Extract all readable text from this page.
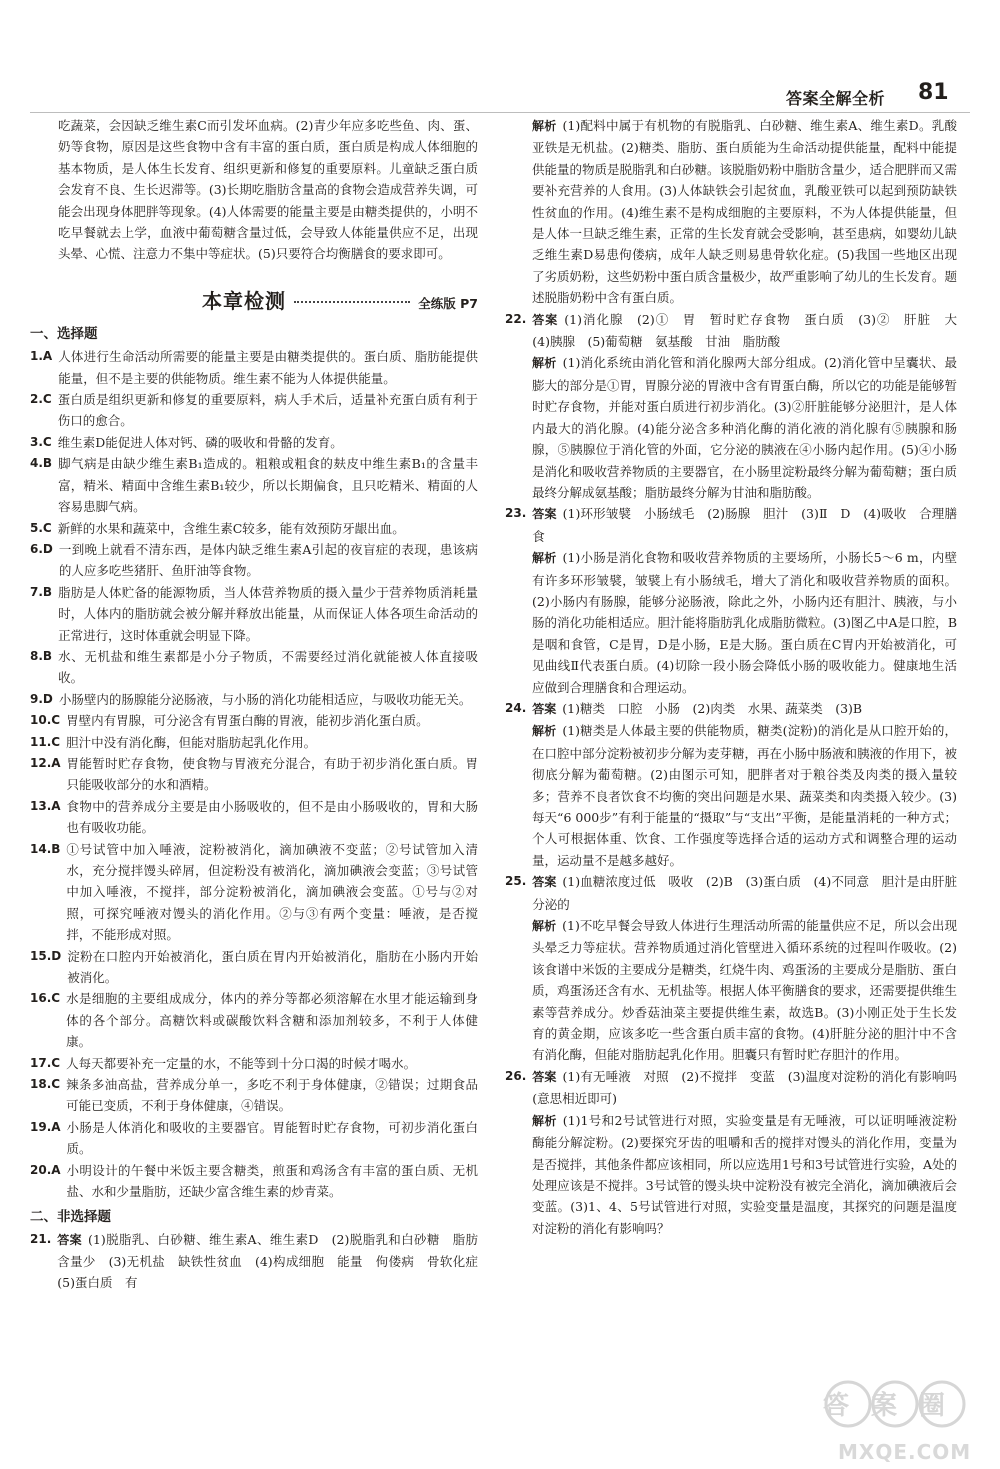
答案全解全析 81

吃蔬菜，会因缺乏维生素C而引发坏血病。(2)青少年应多吃些鱼、肉、蛋、奶等食物，原因是这些食物中含有丰富的蛋白质，蛋白质是构成人体细胞的基本物质，是人体生长发育、组织更新和修复的重要原料。儿童缺乏蛋白质会发育不良、生长迟滞等。(3)长期吃脂肪含量高的食物会造成营养失调，可能会出现身体肥胖等现象。(4)人体需要的能量主要是由糖类提供的，小明不吃早餐就去上学，血液中葡萄糖含量过低，会导致人体能量供应不足，出现头晕、心慌、注意力不集中等症状。(5)只要符合均衡膳食的要求即可。

本章检测	全练版 P7
一、选择题
1.A 人体进行生命活动所需要的能量主要是由糖类提供的。蛋白质、脂肪能提供能量，但不是主要的供能物质。维生素不能为人体提供能量。
2.C 蛋白质是组织更新和修复的重要原料，病人手术后，适量补充蛋白质有利于伤口的愈合。
3.C 维生素D能促进人体对钙、磷的吸收和骨骼的发育。
4.B 脚气病是由缺少维生素B₁造成的。粗粮或粗食的麸皮中维生素B₁的含量丰富，精米、精面中含维生素B₁较少，所以长期偏食，且只吃精米、精面的人容易患脚气病。
5.C 新鲜的水果和蔬菜中，含维生素C较多，能有效预防牙龈出血。
6.D 一到晚上就看不清东西，是体内缺乏维生素A引起的夜盲症的表现，患该病的人应多吃些猪肝、鱼肝油等食物。
7.B 脂肪是人体贮备的能源物质，当人体营养物质的摄入量少于营养物质消耗量时，人体内的脂肪就会被分解并释放出能量，从而保证人体各项生命活动的正常进行，这时体重就会明显下降。
8.B 水、无机盐和维生素都是小分子物质，不需要经过消化就能被人体直接吸收。
9.D 小肠壁内的肠腺能分泌肠液，与小肠的消化功能相适应，与吸收功能无关。
10.C 胃壁内有胃腺，可分泌含有胃蛋白酶的胃液，能初步消化蛋白质。
11.C 胆汁中没有消化酶，但能对脂肪起乳化作用。
12.A 胃能暂时贮存食物，使食物与胃液充分混合，有助于初步消化蛋白质。胃只能吸收部分的水和酒精。
13.A 食物中的营养成分主要是由小肠吸收的，但不是由小肠吸收的，胃和大肠也有吸收功能。
14.B ①号试管中加入唾液，淀粉被消化，滴加碘液不变蓝；②号试管加入清水，充分搅拌馒头碎屑，但淀粉没有被消化，滴加碘液会变蓝；③号试管中加入唾液，不搅拌，部分淀粉被消化，滴加碘液会变蓝。①号与②对照，可探究唾液对馒头的消化作用。②与③有两个变量：唾液，是否搅拌，不能形成对照。
15.D 淀粉在口腔内开始被消化，蛋白质在胃内开始被消化，脂肪在小肠内开始被消化。
16.C 水是细胞的主要组成成分，体内的养分等都必须溶解在水里才能运输到身体的各个部分。高糖饮料或碳酸饮料含糖和添加剂较多，不利于人体健康。
17.C 人每天都要补充一定量的水，不能等到十分口渴的时候才喝水。
18.C 辣条多油高盐，营养成分单一，多吃不利于身体健康，②错误；过期食品可能已变质，不利于身体健康，④错误。
19.A 小肠是人体消化和吸收的主要器官。胃能暂时贮存食物，可初步消化蛋白质。
20.A 小明设计的午餐中米饭主要含糖类，煎蛋和鸡汤含有丰富的蛋白质、无机盐、水和少量脂肪，还缺少富含维生素的炒青菜。
二、非选择题
21. 答案 (1)脱脂乳、白砂糖、维生素A、维生素D　(2)脱脂乳和白砂糖　脂肪含量少　(3)无机盐　缺铁性贫血　(4)构成细胞　能量　佝偻病　骨软化症　(5)蛋白质　有
解析 (1)配料中属于有机物的有脱脂乳、白砂糖、维生素A、维生素D。乳酸亚铁是无机盐。(2)糖类、脂肪、蛋白质能为生命活动提供能量，配料中能提供能量的物质是脱脂乳和白砂糖。该脱脂奶粉中脂肪含量少，适合肥胖而又需要补充营养的人食用。(3)人体缺铁会引起贫血，乳酸亚铁可以起到预防缺铁性贫血的作用。(4)维生素不是构成细胞的主要原料，不为人体提供能量，但是人体一旦缺乏维生素，正常的生长发育就会受影响，甚至患病，如婴幼儿缺乏维生素D易患佝偻病，成年人缺乏则易患骨软化症。(5)我国一些地区出现了劣质奶粉，这些奶粉中蛋白质含量极少，故严重影响了幼儿的生长发育。题述脱脂奶粉中含有蛋白质。
22. 答案 (1)消化腺　(2)①　胃　暂时贮存食物　蛋白质　(3)②　肝脏　大　(4)胰腺　(5)葡萄糖　氨基酸　甘油　脂肪酸
解析 (1)消化系统由消化管和消化腺两大部分组成。(2)消化管中呈囊状、最膨大的部分是①胃，胃腺分泌的胃液中含有胃蛋白酶，所以它的功能是能够暂时贮存食物，并能对蛋白质进行初步消化。(3)②肝脏能够分泌胆汁，是人体内最大的消化腺。(4)能分泌含多种消化酶的消化液的消化腺有⑤胰腺和肠腺，⑤胰腺位于消化管的外面，它分泌的胰液在④小肠内起作用。(5)④小肠是消化和吸收营养物质的主要器官，在小肠里淀粉最终分解为葡萄糖；蛋白质最终分解成氨基酸；脂肪最终分解为甘油和脂肪酸。
23. 答案 (1)环形皱襞　小肠绒毛　(2)肠腺　胆汁　(3)Ⅱ　D　(4)吸收　合理膳食
解析 (1)小肠是消化食物和吸收营养物质的主要场所，小肠长5～6 m，内壁有许多环形皱襞，皱襞上有小肠绒毛，增大了消化和吸收营养物质的面积。(2)小肠内有肠腺，能够分泌肠液，除此之外，小肠内还有胆汁、胰液，与小肠的消化功能相适应。胆汁能将脂肪乳化成脂肪微粒。(3)图乙中A是口腔，B是咽和食管，C是胃，D是小肠，E是大肠。蛋白质在C胃内开始被消化，可见曲线Ⅱ代表蛋白质。(4)切除一段小肠会降低小肠的吸收能力。健康地生活应做到合理膳食和合理运动。
24. 答案 (1)糖类　口腔　小肠　(2)肉类　水果、蔬菜类　(3)B
解析 (1)糖类是人体最主要的供能物质，糖类(淀粉)的消化是从口腔开始的，在口腔中部分淀粉被初步分解为麦芽糖，再在小肠中肠液和胰液的作用下，被彻底分解为葡萄糖。(2)由图示可知，肥胖者对于粮谷类及肉类的摄入量较多；营养不良者饮食不均衡的突出问题是水果、蔬菜类和肉类摄入较少。(3)每天“6 000步”有利于能量的“摄取”与“支出”平衡，是能量消耗的一种方式；个人可根据体重、饮食、工作强度等选择合适的运动方式和调整合理的运动量，运动量不是越多越好。
25. 答案 (1)血糖浓度过低　吸收　(2)B　(3)蛋白质　(4)不同意　胆汁是由肝脏分泌的
解析 (1)不吃早餐会导致人体进行生理活动所需的能量供应不足，所以会出现头晕乏力等症状。营养物质通过消化管壁进入循环系统的过程叫作吸收。(2)该食谱中米饭的主要成分是糖类，红烧牛肉、鸡蛋汤的主要成分是脂肪、蛋白质，鸡蛋汤还含有水、无机盐等。根据人体平衡膳食的要求，还需要提供维生素等营养成分。炒香菇油菜主要提供维生素，故选B。(3)小刚正处于生长发育的黄金期，应该多吃一些含蛋白质丰富的食物。(4)肝脏分泌的胆汁中不含有消化酶，但能对脂肪起乳化作用。胆囊只有暂时贮存胆汁的作用。
26. 答案 (1)有无唾液　对照　(2)不搅拌　变蓝　(3)温度对淀粉的消化有影响吗(意思相近即可)
解析 (1)1号和2号试管进行对照，实验变量是有无唾液，可以证明唾液淀粉酶能分解淀粉。(2)要探究牙齿的咀嚼和舌的搅拌对馒头的消化作用，变量为是否搅拌，其他条件都应该相同，所以应选用1号和3号试管进行实验，A处的处理应该是不搅拌。3号试管的馒头块中淀粉没有被完全消化，滴加碘液后会变蓝。(3)1、4、5号试管进行对照，实验变量是温度，其探究的问题是温度对淀粉的消化有影响吗？
答案圈
MXQE.COM
